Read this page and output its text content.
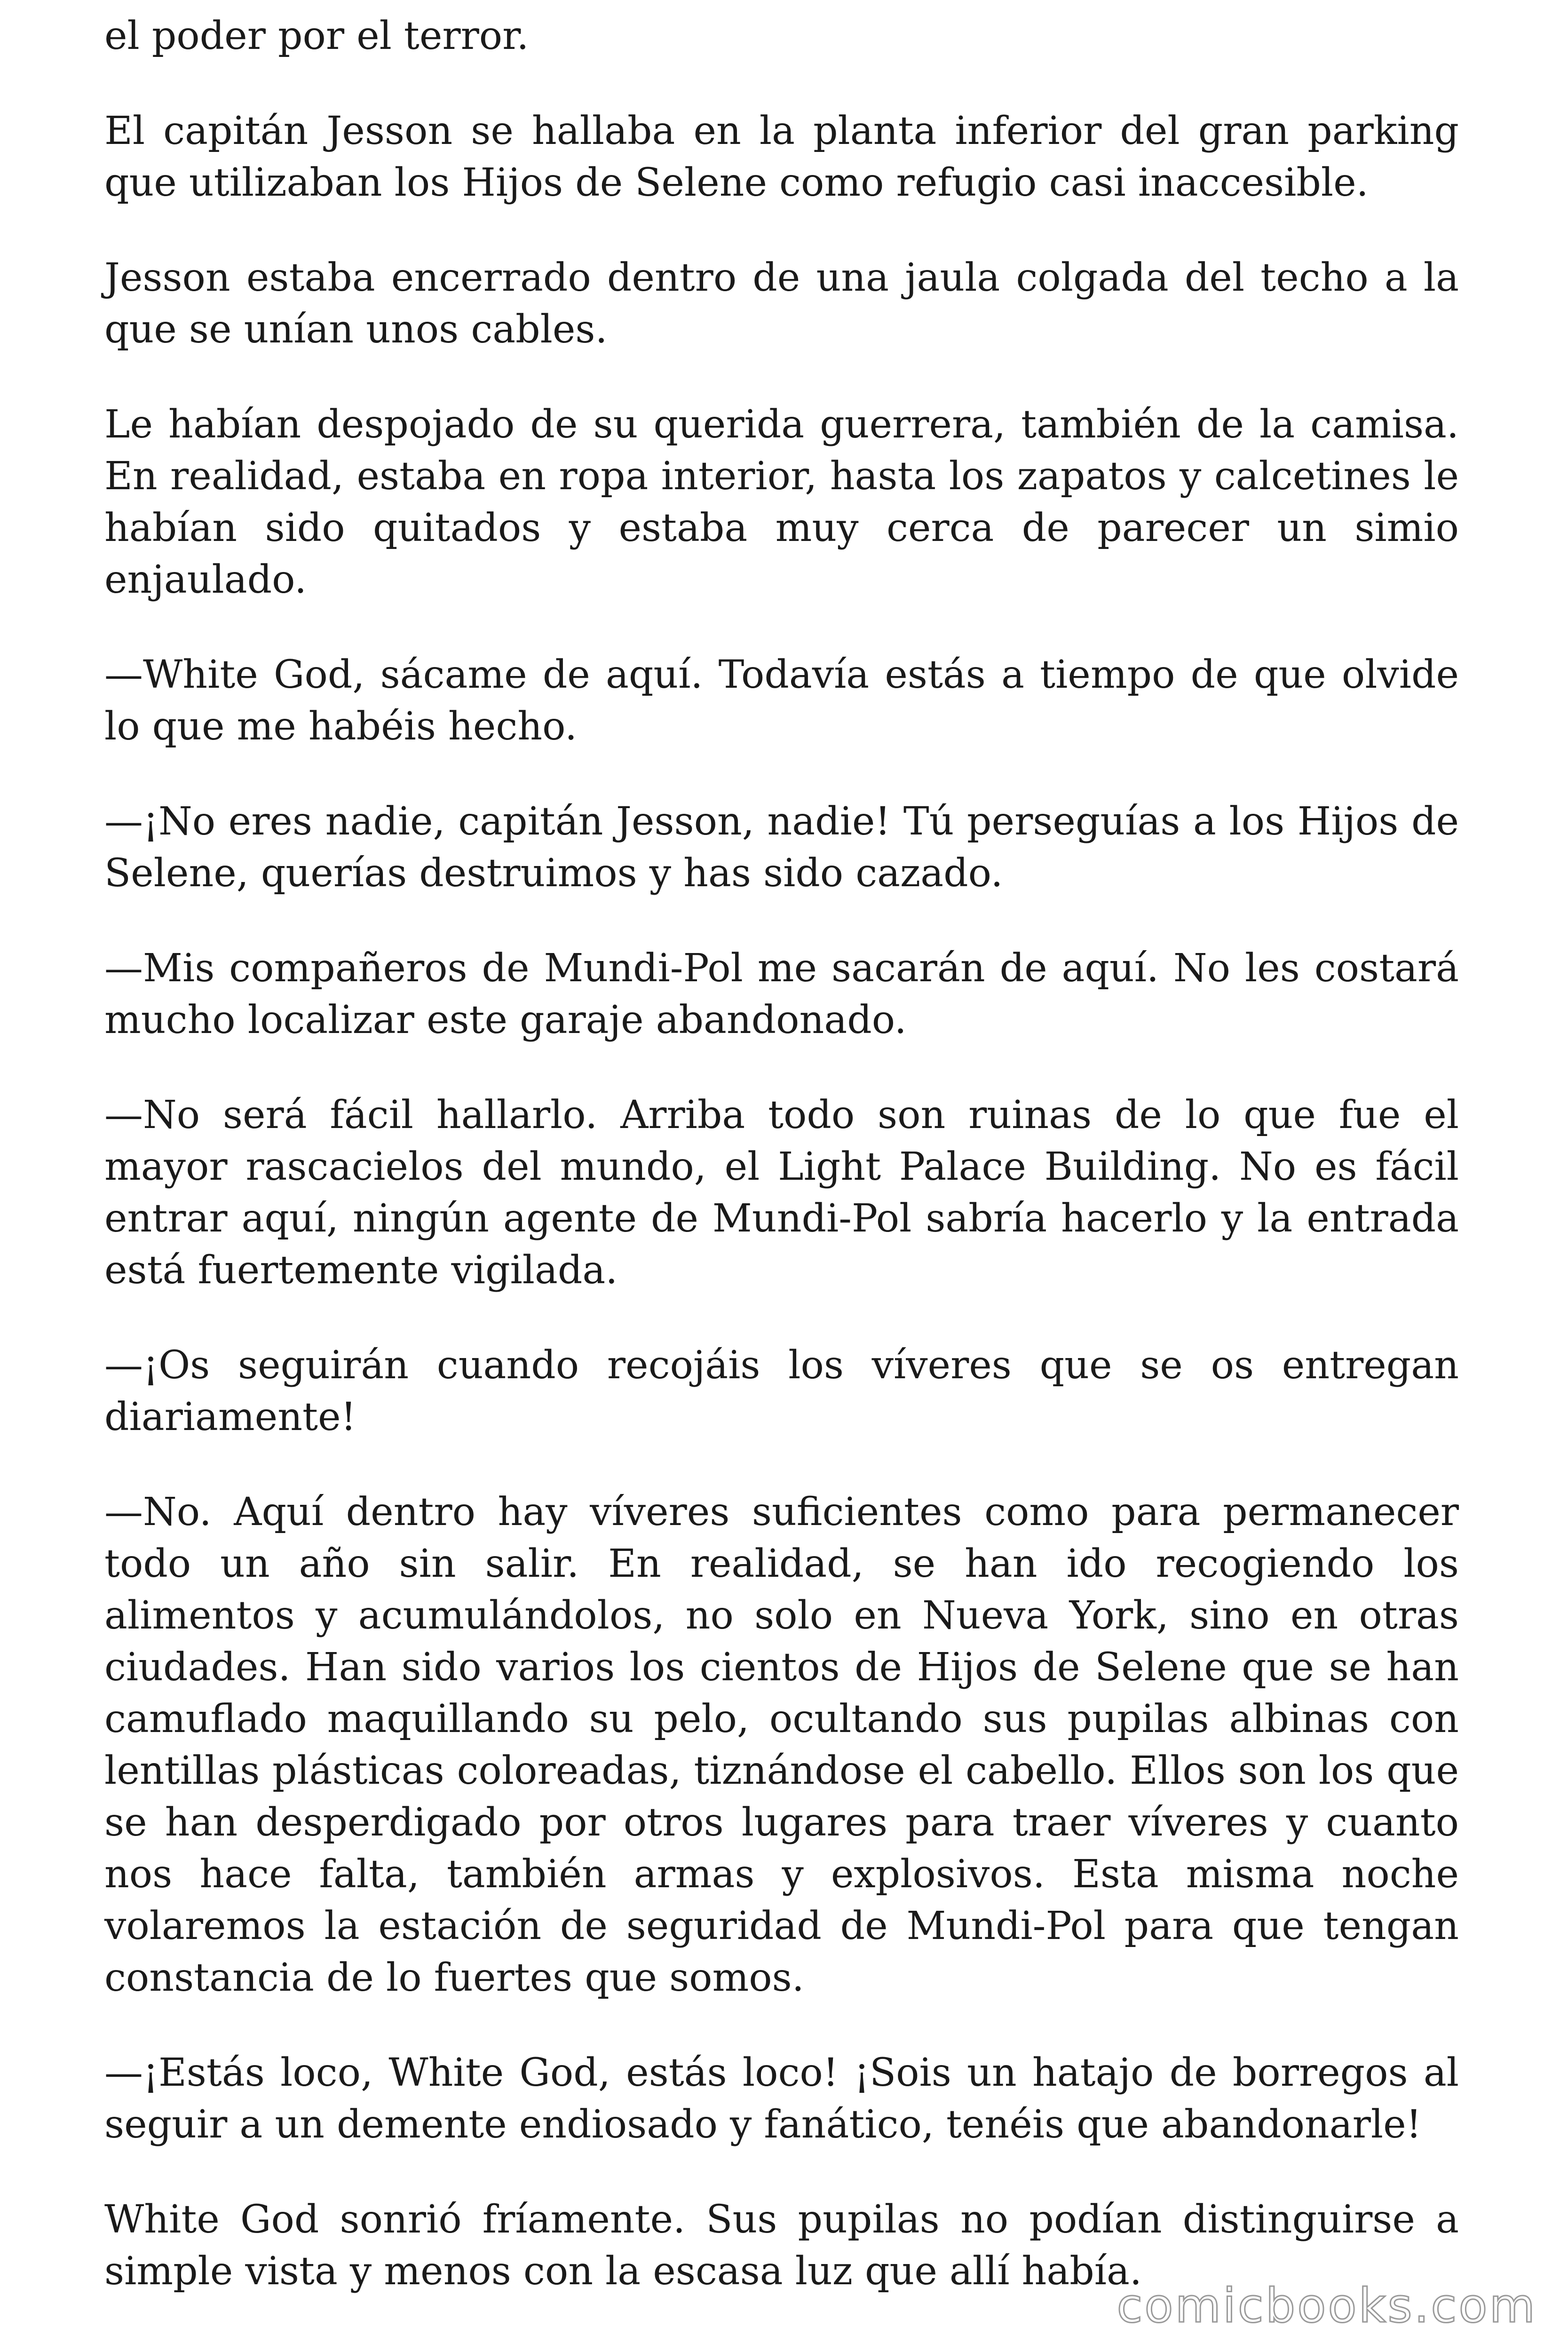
el poder por el terror.

El capitán Jesson se hallaba en la planta inferior del gran parking que utilizaban los Hijos de Selene como refugio casi inaccesible.

Jesson estaba encerrado dentro de una jaula colgada del techo a la que se unían unos cables.

Le habían despojado de su querida guerrera, también de la camisa. En realidad, estaba en ropa interior, hasta los zapatos y calcetines le habían sido quitados y estaba muy cerca de parecer un simio enjaulado.

—White God, sácame de aquí. Todavía estás a tiempo de que olvide lo que me habéis hecho.

—¡No eres nadie, capitán Jesson, nadie! Tú perseguías a los Hijos de Selene, querías destruimos y has sido cazado.

—Mis compañeros de Mundi-Pol me sacarán de aquí. No les costará mucho localizar este garaje abandonado.

—No será fácil hallarlo. Arriba todo son ruinas de lo que fue el mayor rascacielos del mundo, el Light Palace Building. No es fácil entrar aquí, ningún agente de Mundi-Pol sabría hacerlo y la entrada está fuertemente vigilada.

—¡Os seguirán cuando recojáis los víveres que se os entregan diariamente!

—No. Aquí dentro hay víveres suficientes como para permanecer todo un año sin salir. En realidad, se han ido recogiendo los alimentos y acumulándolos, no solo en Nueva York, sino en otras ciudades. Han sido varios los cientos de Hijos de Selene que se han camuflado maquillando su pelo, ocultando sus pupilas albinas con lentillas plásticas coloreadas, tiznándose el cabello. Ellos son los que se han desperdigado por otros lugares para traer víveres y cuanto nos hace falta, también armas y explosivos. Esta misma noche volaremos la estación de seguridad de Mundi-Pol para que tengan constancia de lo fuertes que somos.

—¡Estás loco, White God, estás loco! ¡Sois un hatajo de borregos al seguir a un demente endiosado y fanático, tenéis que abandonarle!

White God sonrió fríamente. Sus pupilas no podían distinguirse a simple vista y menos con la escasa luz que allí había.

comicbooks.com
